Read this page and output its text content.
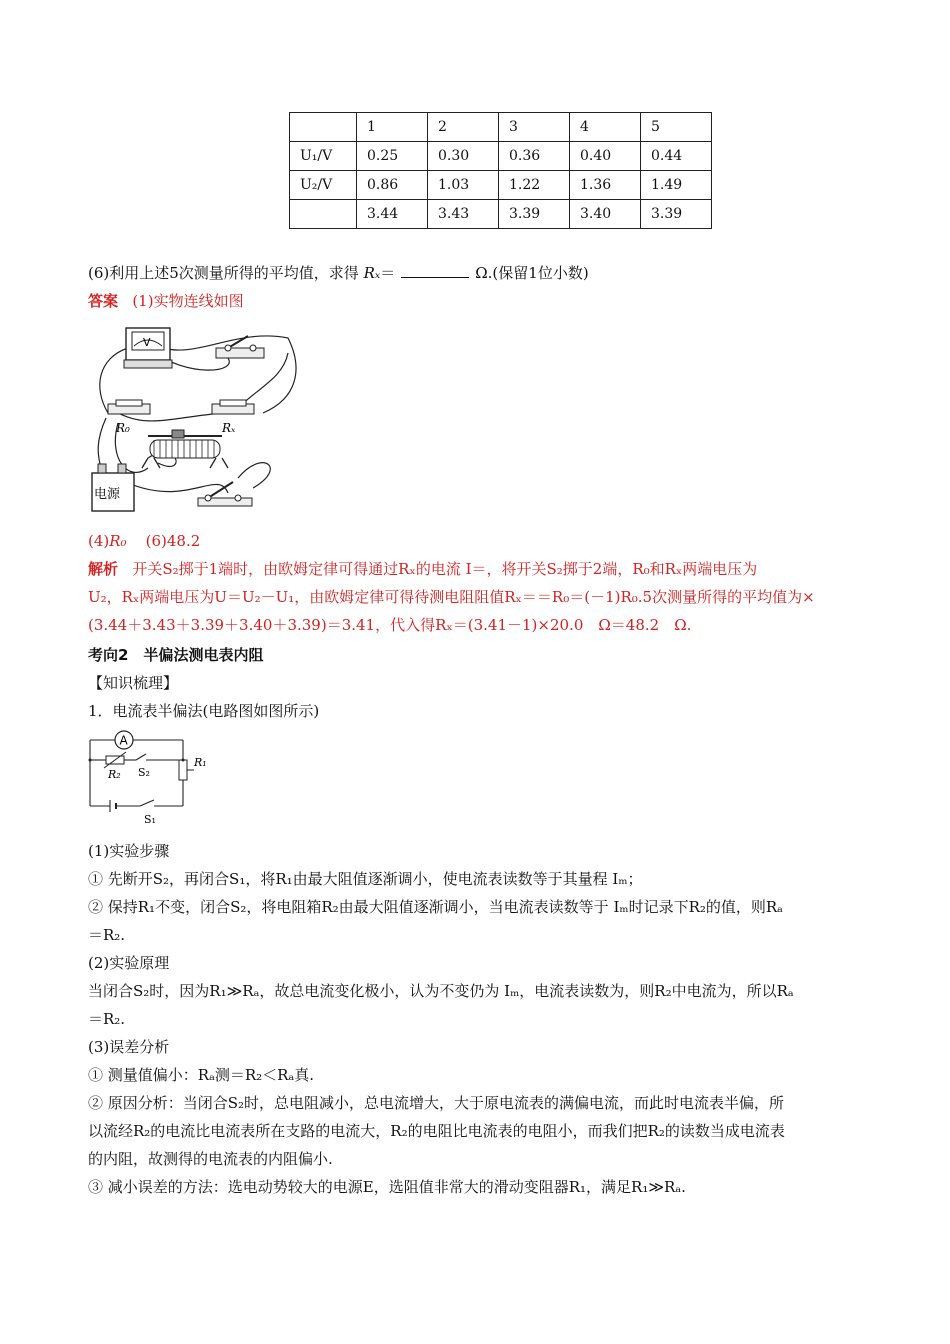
	1	2	3	4	5
U₁/V	0.25	0.30	0.36	0.40	0.44
U₂/V	0.86	1.03	1.22	1.36	1.49
	3.44	3.43	3.39	3.40	3.39
(6)利用上述5次测量所得的平均值，求得 Rₓ＝	Ω.(保留1位小数)
答案 (1)实物连线如图
V
R₀	Rₓ
电源
(4)R₀ (6)48.2
解析 开关S₂掷于1端时，由欧姆定律可得通过Rₓ的电流 I＝，将开关S₂掷于2端，R₀和Rₓ两端电压为
U₂，Rₓ两端电压为U＝U₂－U₁，由欧姆定律可得待测电阻阻值Rₓ＝＝R₀＝(－1)R₀.5次测量所得的平均值为×
(3.44＋3.43＋3.39＋3.40＋3.39)＝3.41，代入得Rₓ＝(3.41－1)×20.0　Ω＝48.2　Ω.
考向2　半偏法测电表内阻
【知识梳理】
1．电流表半偏法(电路图如图所示)
A
R₂ S₂
R₁
S₁
(1)实验步骤
① 先断开S₂，再闭合S₁，将R₁由最大阻值逐渐调小，使电流表读数等于其量程 Iₘ；
② 保持R₁不变，闭合S₂，将电阻箱R₂由最大阻值逐渐调小，当电流表读数等于 Iₘ时记录下R₂的值，则Rₐ
＝R₂.
(2)实验原理
当闭合S₂时，因为R₁≫Rₐ，故总电流变化极小，认为不变仍为 Iₘ，电流表读数为，则R₂中电流为，所以Rₐ
＝R₂.
(3)误差分析
① 测量值偏小：Rₐ测＝R₂＜Rₐ真.
② 原因分析：当闭合S₂时，总电阻减小，总电流增大，大于原电流表的满偏电流，而此时电流表半偏，所
以流经R₂的电流比电流表所在支路的电流大，R₂的电阻比电流表的电阻小，而我们把R₂的读数当成电流表
的内阻，故测得的电流表的内阻偏小.
③ 减小误差的方法：选电动势较大的电源E，选阻值非常大的滑动变阻器R₁，满足R₁≫Rₐ.
